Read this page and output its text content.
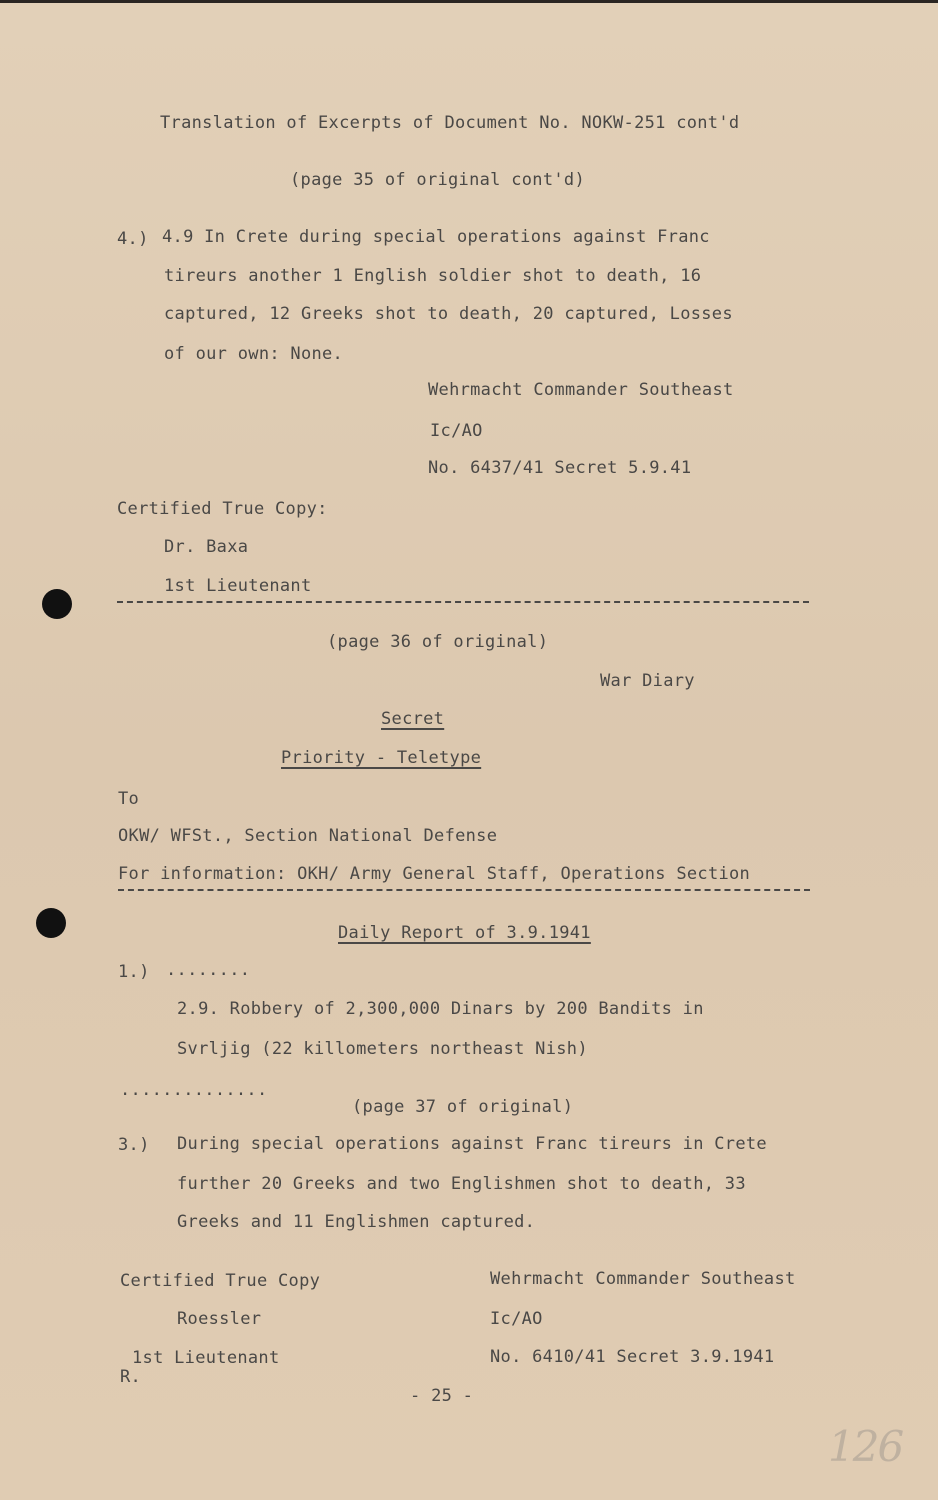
Translation of Excerpts of Document No. NOKW-251 cont'd
(page 35 of original cont'd)
4.) 4.9 In Crete during special operations against Franc
tireurs another 1 English soldier shot to death, 16
captured, 12 Greeks shot to death, 20 captured, Losses
of our own: None.
Wehrmacht Commander Southeast
Ic/AO
No. 6437/41 Secret 5.9.41
Certified True Copy:
Dr. Baxa
1st Lieutenant
(page 36 of original)
War Diary
Secret
Priority - Teletype
To
OKW/ WFSt., Section National Defense
For information: OKH/ Army General Staff, Operations Section
Daily Report of 3.9.1941
1.) ........
2.9. Robbery of 2,300,000 Dinars by 200 Bandits in
Svrljig (22 killometers northeast Nish)
..............
(page 37 of original)
3.) During special operations against Franc tireurs in Crete
further 20 Greeks and two Englishmen shot to death, 33
Greeks and 11 Englishmen captured.
Certified True Copy
Roessler
1st Lieutenant
R.
Wehrmacht Commander Southeast
Ic/AO
No. 6410/41 Secret 3.9.1941
- 25 -
126
